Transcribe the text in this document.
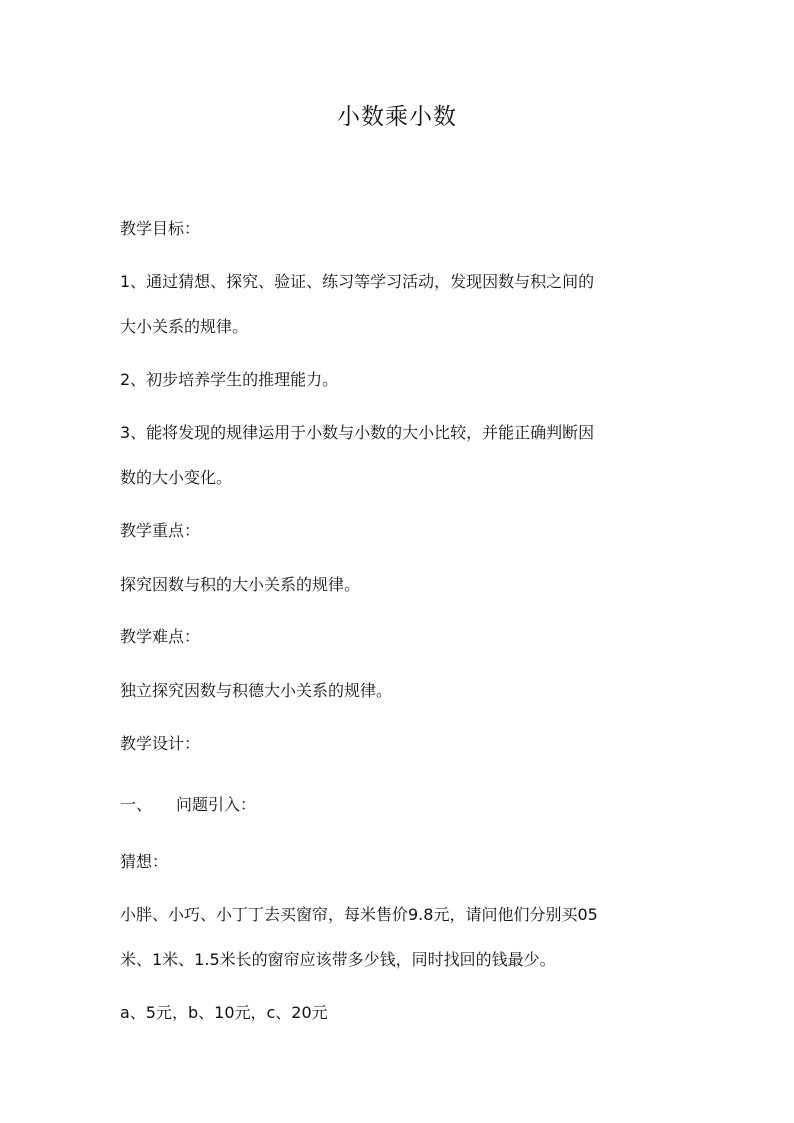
小数乘小数
教学目标：
1、通过猜想、探究、验证、练习等学习活动，发现因数与积之间的
大小关系的规律。
2、初步培养学生的推理能力。
3、能将发现的规律运用于小数与小数的大小比较，并能正确判断因
数的大小变化。
教学重点：
探究因数与积的大小关系的规律。
教学难点：
独立探究因数与积德大小关系的规律。
教学设计：
一、 问题引入：
猜想：
小胖、小巧、小丁丁去买窗帘，每米售价9.8元，请问他们分别买05
米、1米、1.5米长的窗帘应该带多少钱，同时找回的钱最少。
a、5元，b、10元，c、20元
